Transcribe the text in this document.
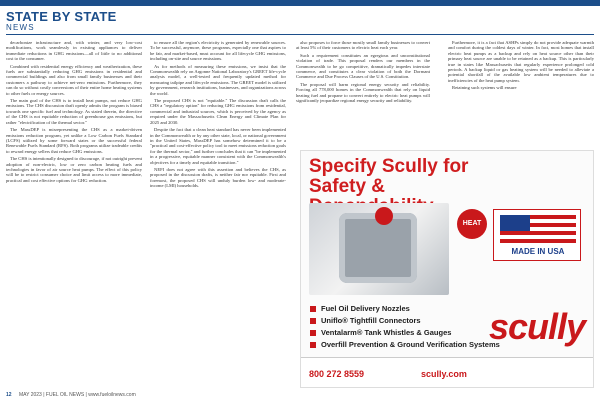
STATE BY STATE
NEWS

decarbonize infrastructure and, with winter, and very low-cost modifications, work seamlessly in existing appliances to deliver immediate reductions in GHG emissions—all of little to no additional cost to the consumer.

Combined with residential energy efficiency and weatherization, these fuels are substantially reducing GHG emissions in residential and commercial buildings and also from small family businesses and their customers a pathway to achieve net-zero emissions. Furthermore, they can do so without costly conversions of their entire home heating systems to other fuels or energy sources.

The main goal of the CHS is to install heat pumps, not reduce GHG emissions. The CHS discussion draft openly admits the program is biased towards one specific fuel and technology. As stated therein, the directive of the CHS is not equitable reduction of greenhouse gas emissions, but rather "electrification of the thermal sector."

The MassDEP is misrepresenting the CHS as a market-driven emissions reduction program, yet unlike a Low Carbon Fuels Standard (LCFS) utilized by some forward states or the successful federal Renewable Fuels Standard (RFS). Both programs utilize tradeable credits to reward energy sellers that reduce GHG emissions.

The CHS is intentionally designed to discourage, if not outright prevent adoption of non-electric, low or zero carbon heating fuels and technologies in favor of air source heat pumps. The effect of this policy will be to restrict consumer choice and limit access to more immediate, practical and cost effective options for GHG reduction.

to ensure all the region's electricity is generated by renewable sources. To be successful, anymore, these programs, especially one that aspires to be fair, and market-based, must account for all lifecycle GHG emissions, including on-site and source emissions.

As for methods of measuring these emissions, we insist that the Commonwealth rely on Argonne National Laboratory's GREET life-cycle analysis model, a well-tested and frequently updated method for measuring tailpipe and lifecycle emissions. The GREET model is utilized by government, research institutions, businesses, and organizations across the world.

The proposed CHS is not "equitable." The discussion draft calls the CHS a "regulatory option" for reducing GHG emissions from residential, commercial and industrial sources, which is perceived by the agency as required under the Massachusetts Clean Energy and Climate Plan for 2025 and 2030.

Despite the fact that a clean heat standard has never been implemented in the Commonwealth or by any other state, local, or national government in the United States, MassDEP has somehow determined it to be a "practical and cost-effective policy tool to meet emissions reduction goals for the thermal sector," and further concludes that it can "be implemented in a progressive, equitable manner consistent with the Commonwealth's objectives for a timely and equitable transition."

NEFI does not agree with this assertion and believes the CHS, as proposed in the discussion drafts, is neither fair nor equitable. First and foremost, the proposed CHS will unduly burden low- and moderate-income (LMI) households.

also proposes to force those mostly small family businesses to convert at least 5% of their customers to electric heat each year.

Such a requirement constitutes an egregious and unconstitutional violation of trade. This proposal renders our members in the Commonwealth to be go competitive, dramatically impedes interstate commerce, and constitutes a clear violation of both the Dormant Commerce and Due Process Clauses of the U.S. Constitution.

The proposal will harm regional energy security and reliability. Forcing all 778,000 homes in the Commonwealth that rely on liquid heating fuel and propane to convert entirely to electric heat pumps will significantly jeopardize regional energy security and reliability.

Furthermore, it is a fact that ASHPs simply do not provide adequate warmth and comfort during the coldest days of winter. In fact, most homes that install electric heat pumps as a backup and rely on heat source other than their primary heat source are unable to be retained as a backup. This is particularly true in states like Massachusetts that regularly experience prolonged cold periods. A backup liquid or gas heating system will be needed to alleviate a potential shortfall of the available low ambient temperatures due to inefficiencies of the heat pump system.

Retaining such systems will ensure

Specify Scully for Safety &
HEAT
MADE IN USA
Fuel Oil Delivery Nozzles
Uniflo® Tightfill Connectors
Ventalarm® Tank Whistles & Gauges
Overfill Prevention & Ground Verification Systems
scully
800 272 8559	scully.com
12 MAY 2023 | FUEL OIL NEWS | www.fueloilnews.com
